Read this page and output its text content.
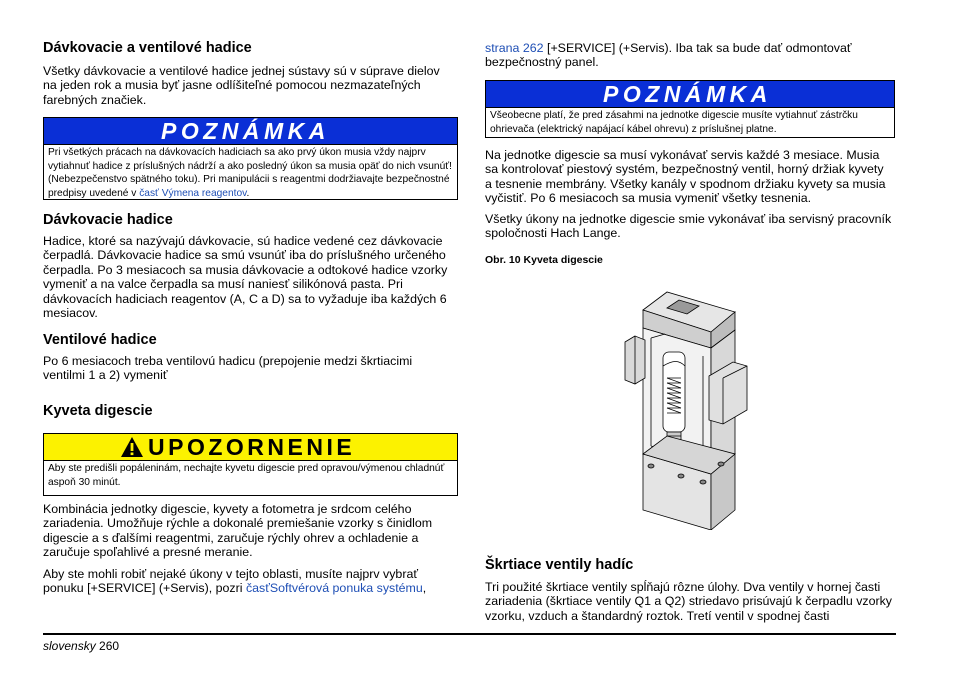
Dávkovacie a ventilové hadice

Všetky dávkovacie a ventilové hadice jednej sústavy sú v súprave dielov na jeden rok a musia byť jasne odlíšiteľné pomocou nezmazateľných farebných značiek.

POZNÁMKA
Pri všetkých prácach na dávkovacích hadiciach sa ako prvý úkon musia vždy najprv vytiahnuť hadice z príslušných nádrží a ako posledný úkon sa musia opäť do nich vsunúť! (Nebezpečenstvo spätného toku). Pri manipulácii s reagentmi dodržiavajte bezpečnostné predpisy uvedené v časť Výmena reagentov.
Dávkovacie hadice

Hadice, ktoré sa nazývajú dávkovacie, sú hadice vedené cez dávkovacie čerpadlá. Dávkovacie hadice sa smú vsunúť iba do príslušného určeného čerpadla. Po 3 mesiacoch sa musia dávkovacie a odtokové hadice vzorky vymeniť a na valce čerpadla sa musí naniesť silikónová pasta. Pri dávkovacích hadiciach reagentov (A, C a D) sa to vyžaduje iba každých 6 mesiacov.

Ventilové hadice

Po 6 mesiacoch treba ventilovú hadicu (prepojenie medzi škrtiacimi ventilmi 1 a 2) vymeniť

Kyveta digescie
UPOZORNENIE
Aby ste predišli popáleninám, nechajte kyvetu digescie pred opravou/výmenou chladnúť aspoň 30 minút.

Kombinácia jednotky digescie, kyvety a fotometra je srdcom celého zariadenia. Umožňuje rýchle a dokonalé premiešanie vzorky s činidlom digescie a s ďalšími reagentmi, zaručuje rýchly ohrev a ochladenie a zaručuje spoľahlivé a presné meranie.

Aby ste mohli robiť nejaké úkony v tejto oblasti, musíte najprv vybrať ponuku [+SERVICE] (+Servis), pozri časťSoftvérová ponuka systému,

strana 262 [+SERVICE] (+Servis). Iba tak sa bude dať odmontovať bezpečnostný panel.

POZNÁMKA
Všeobecne platí, že pred zásahmi na jednotke digescie musíte vytiahnuť zástrčku ohrievača (elektrický napájací kábel ohrevu) z príslušnej platne.

Na jednotke digescie sa musí vykonávať servis každé 3 mesiace. Musia sa kontrolovať piestový systém, bezpečnostný ventil, horný držiak kyvety a tesnenie membrány. Všetky kanály v spodnom držiaku kyvety sa musia vyčistiť. Po 6 mesiacoch sa musia vymeniť všetky tesnenia.

Všetky úkony na jednotke digescie smie vykonávať iba servisný pracovník spoločnosti Hach Lange.

Obr. 10 Kyveta digescie
Škrtiace ventily hadíc

Tri použité škrtiace ventily spĺňajú rôzne úlohy. Dva ventily v hornej časti zariadenia (škrtiace ventily Q1 a Q2) striedavo prisúvajú k čerpadlu vzorky vzorku, vzduch a štandardný roztok. Tretí ventil v spodnej časti

slovensky 260
